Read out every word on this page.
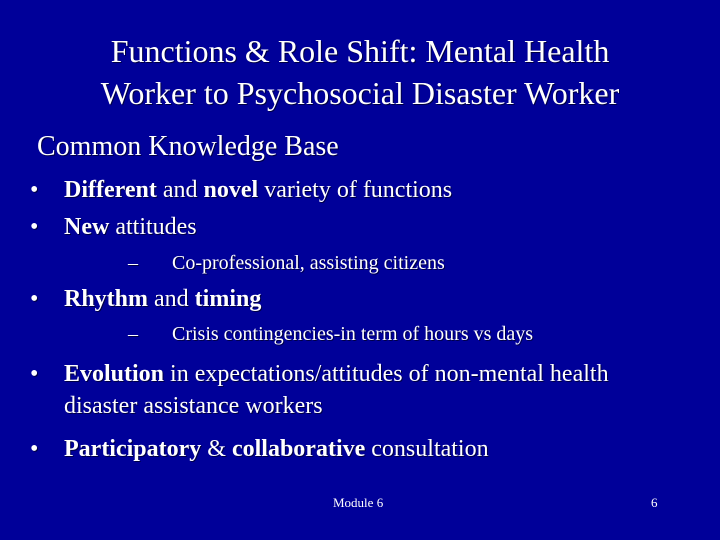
Functions & Role Shift: Mental Health
Worker to Psychosocial Disaster Worker
Common Knowledge Base
• Different and novel variety of functions
• New attitudes
– Co-professional, assisting citizens
• Rhythm and timing
– Crisis contingencies-in term of hours vs days
• Evolution in expectations/attitudes of non-mental health disaster assistance workers
• Participatory & collaborative consultation
Module 6	6
